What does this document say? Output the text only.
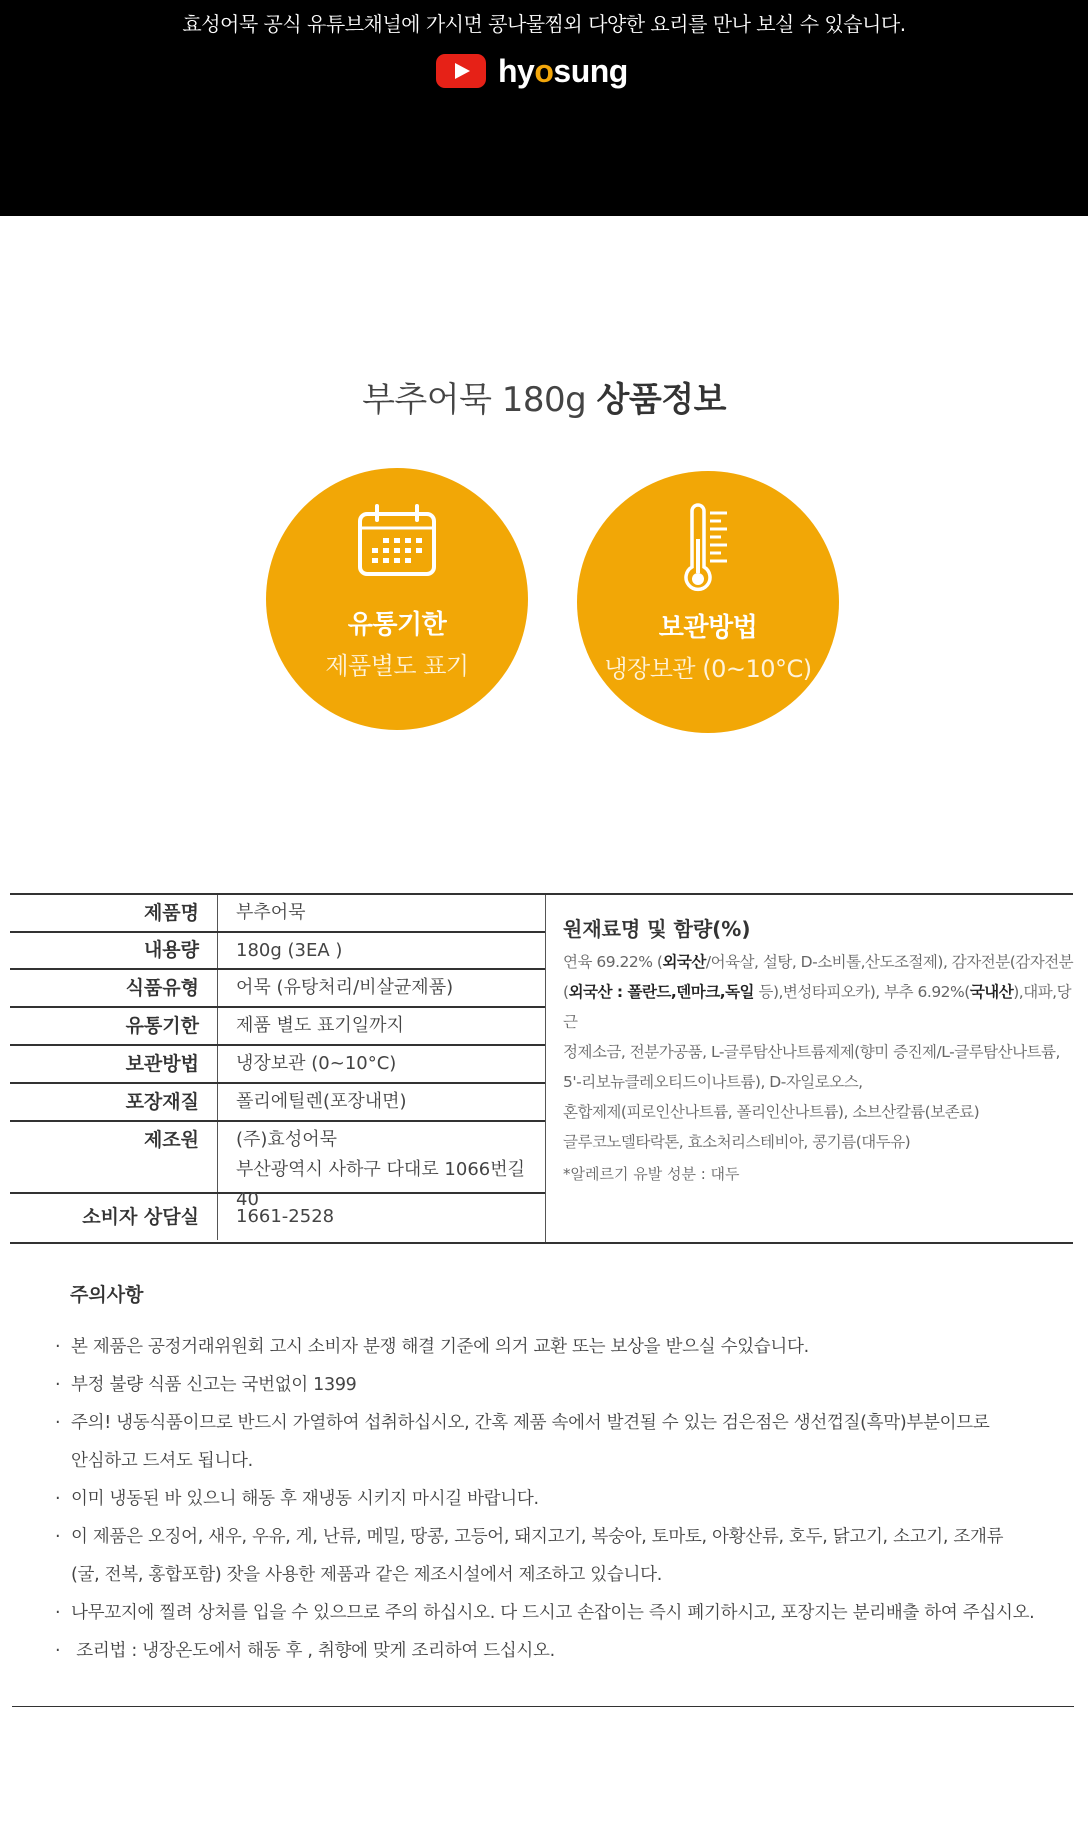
효성어묵 공식 유튜브채널에 가시면 콩나물찜외 다양한 요리를 만나 보실 수 있습니다.
hyosung
부추어묵 180g 상품정보
유통기한
제품별도 표기
보관방법
냉장보관 (0~10°C)
제품명	부추어묵
내용량	180g (3EA )
식품유형	어묵 (유탕처리/비살균제품)
유통기한	제품 별도 표기일까지
보관방법	냉장보관 (0~10°C)
포장재질	폴리에틸렌(포장내면)
제조원	(주)효성어묵
부산광역시 사하구 다대로 1066번길 40
소비자 상담실	1661-2528
원재료명 및 함량(%)
연육 69.22% (외국산/어육살, 설탕, D-소비톨,산도조절제), 감자전분(감자전분
(외국산 : 폴란드,덴마크,독일 등),변성타피오카), 부추 6.92%(국내산),대파,당근
정제소금, 전분가공품, L-글루탐산나트륨제제(향미 증진제/L-글루탐산나트륨,
5'-리보뉴클레오티드이나트륨), D-자일로오스,
혼합제제(피로인산나트륨, 폴리인산나트륨), 소브산칼륨(보존료)
글루코노델타락톤, 효소처리스테비아, 콩기름(대두유)
*알레르기 유발 성분 : 대두
주의사항
· 본 제품은 공정거래위원회 고시 소비자 분쟁 해결 기준에 의거 교환 또는 보상을 받으실 수있습니다.
· 부정 불량 식품 신고는 국번없이 1399
· 주의! 냉동식품이므로 반드시 가열하여 섭취하십시오, 간혹 제품 속에서 발견될 수 있는 검은점은 생선껍질(흑막)부분이므로
안심하고 드셔도 됩니다.
· 이미 냉동된 바 있으니 해동 후 재냉동 시키지 마시길 바랍니다.
· 이 제품은 오징어, 새우, 우유, 게, 난류, 메밀, 땅콩, 고등어, 돼지고기, 복숭아, 토마토, 아황산류, 호두, 닭고기, 소고기, 조개류
(굴, 전복, 홍합포함) 잣을 사용한 제품과 같은 제조시설에서 제조하고 있습니다.
· 나무꼬지에 찔려 상처를 입을 수 있으므로 주의 하십시오. 다 드시고 손잡이는 즉시 폐기하시고, 포장지는 분리배출 하여 주십시오.
· 조리법 : 냉장온도에서 해동 후 , 취향에 맞게 조리하여 드십시오.
